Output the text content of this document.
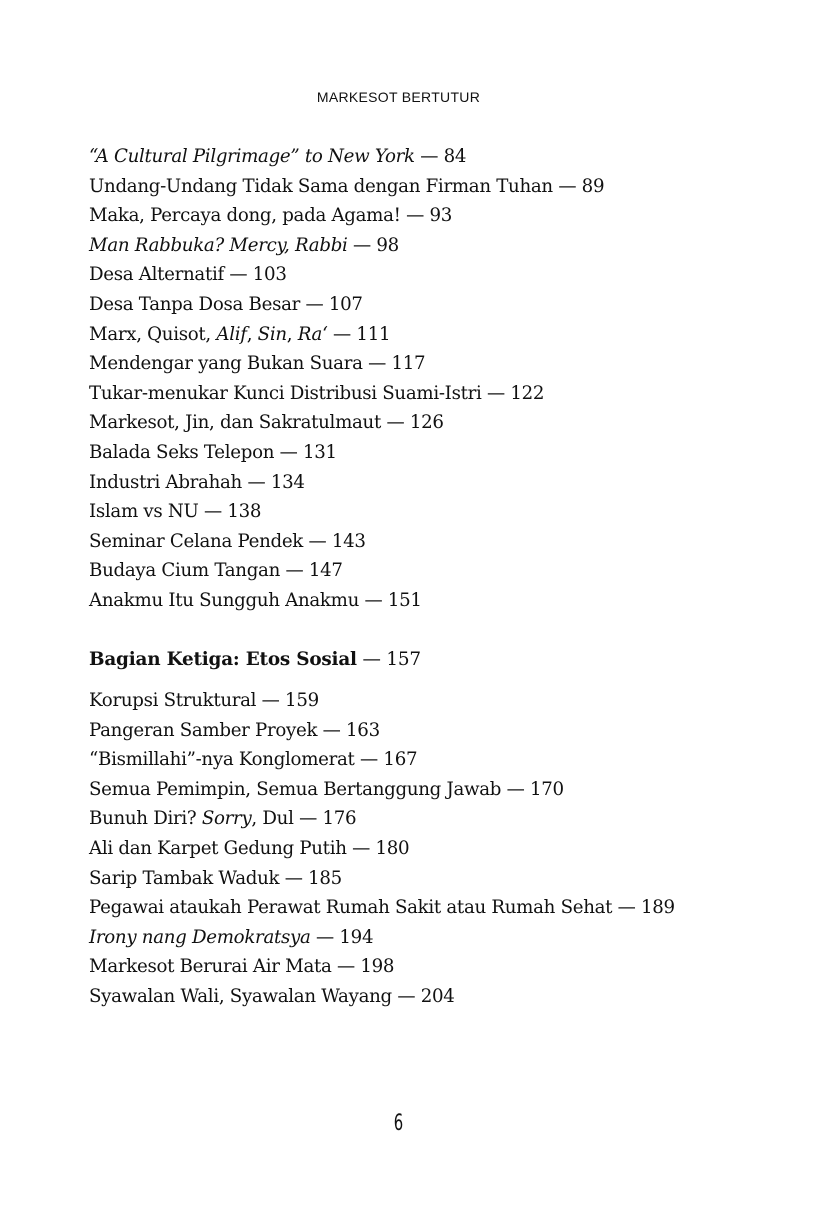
MARKESOT BERTUTUR
“A Cultural Pilgrimage” to New York — 84
Undang-Undang Tidak Sama dengan Firman Tuhan — 89
Maka, Percaya dong, pada Agama! — 93
Man Rabbuka? Mercy, Rabbi — 98
Desa Alternatif — 103
Desa Tanpa Dosa Besar — 107
Marx, Quisot, Alif, Sin, Ra‘ — 111
Mendengar yang Bukan Suara — 117
Tukar-menukar Kunci Distribusi Suami-Istri — 122
Markesot, Jin, dan Sakratulmaut — 126
Balada Seks Telepon — 131
Industri Abrahah — 134
Islam vs NU — 138
Seminar Celana Pendek — 143
Budaya Cium Tangan — 147
Anakmu Itu Sungguh Anakmu — 151
Bagian Ketiga: Etos Sosial — 157
Korupsi Struktural — 159
Pangeran Samber Proyek — 163
“Bismillahi”-nya Konglomerat — 167
Semua Pemimpin, Semua Bertanggung Jawab — 170
Bunuh Diri? Sorry, Dul — 176
Ali dan Karpet Gedung Putih — 180
Sarip Tambak Waduk — 185
Pegawai ataukah Perawat Rumah Sakit atau Rumah Sehat — 189
Irony nang Demokratsya — 194
Markesot Berurai Air Mata — 198
Syawalan Wali, Syawalan Wayang — 204
6
